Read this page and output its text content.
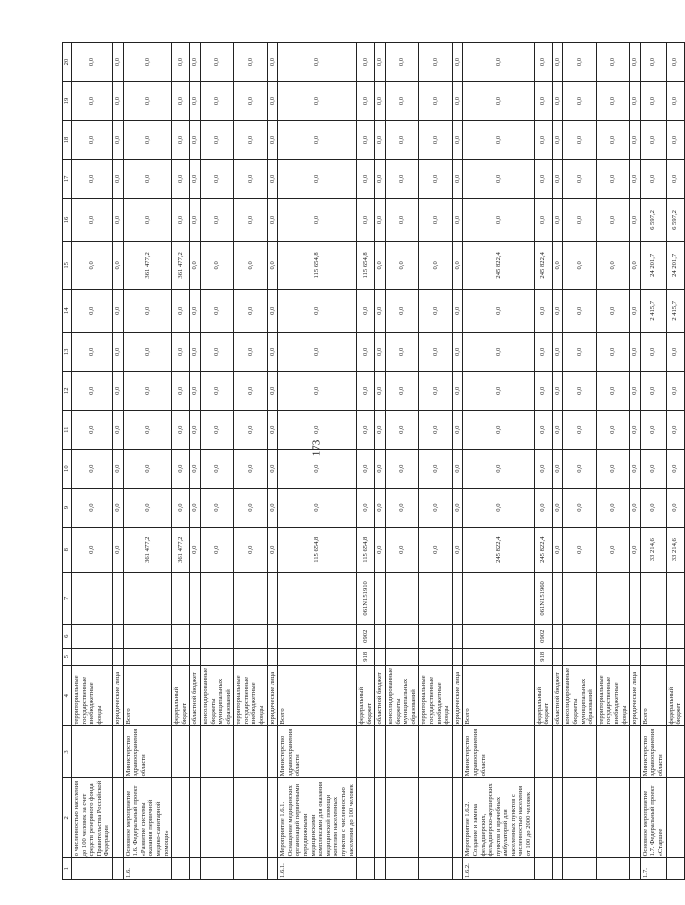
173
1	2	3	4	5	6	7	8	9	10	11	12	13	14	15	16	17	18	19	20
	о численностью населения до 100 человек за счет средств резервного фонда Правительства Российской Федерации		территориальные государственные внебюджетные фонды				0,0	0,0	0,0	0,0	0,0	0,0	0,0	0,0	0,0	0,0	0,0	0,0	0,0
			юридические лица				0,0	0,0	0,0	0,0	0,0	0,0	0,0	0,0	0,0	0,0	0,0	0,0	0,0
1.6.	Основное мероприятие 1.6. Федеральный проект «Развитие системы оказания первичной медико-санитарной помощи»	Министерство здравоохранения области	Всего				361 477,2	0,0	0,0	0,0	0,0	0,0	0,0	361 477,2	0,0	0,0	0,0	0,0	0,0
			федеральный бюджет				361 477,2	0,0	0,0	0,0	0,0	0,0	0,0	361 477,2	0,0	0,0	0,0	0,0	0,0
			областной бюджет				0,0	0,0	0,0	0,0	0,0	0,0	0,0	0,0	0,0	0,0	0,0	0,0	0,0
			консолидированные бюджеты муниципальных образований				0,0	0,0	0,0	0,0	0,0	0,0	0,0	0,0	0,0	0,0	0,0	0,0	0,0
			территориальные государственные внебюджетные фонды				0,0	0,0	0,0	0,0	0,0	0,0	0,0	0,0	0,0	0,0	0,0	0,0	0,0
			юридические лица				0,0	0,0	0,0	0,0	0,0	0,0	0,0	0,0	0,0	0,0	0,0	0,0	0,0
1.6.1.	Мероприятие 1.6.1. Оснащение медицинских организаций первичными передвижными медицинскими комплексами для оказания медицинской помощи жителям населенных пунктов с численностью населения до 100 человек	Министерство здравоохранения области	Всего				115 654,8	0,0	0,0	0,0	0,0	0,0	0,0	115 654,8	0,0	0,0	0,0	0,0	0,0
			федеральный бюджет	918	0902	061N151910	115 654,8	0,0	0,0	0,0	0,0	0,0	0,0	115 654,8	0,0	0,0	0,0	0,0	0,0
			областной бюджет				0,0	0,0	0,0	0,0	0,0	0,0	0,0	0,0	0,0	0,0	0,0	0,0	0,0
			консолидированные бюджеты муниципальных образований				0,0	0,0	0,0	0,0	0,0	0,0	0,0	0,0	0,0	0,0	0,0	0,0	0,0
			территориальные государственные внебюджетные фонды				0,0	0,0	0,0	0,0	0,0	0,0	0,0	0,0	0,0	0,0	0,0	0,0	0,0
			юридические лица				0,0	0,0	0,0	0,0	0,0	0,0	0,0	0,0	0,0	0,0	0,0	0,0	0,0
1.6.2.	Мероприятие 1.6.2. Создание и замена фельдшерских, фельдшерско-акушерских пунктов и врачебных амбулаторий для населенных пунктов с численностью населения от 100 до 2000 человек	Министерство здравоохранения области	Всего				245 822,4	0,0	0,0	0,0	0,0	0,0	0,0	245 822,4	0,0	0,0	0,0	0,0	0,0
			федеральный бюджет	918	0902	061N151960	245 822,4	0,0	0,0	0,0	0,0	0,0	0,0	245 822,4	0,0	0,0	0,0	0,0	0,0
			областной бюджет				0,0	0,0	0,0	0,0	0,0	0,0	0,0	0,0	0,0	0,0	0,0	0,0	0,0
			консолидированные бюджеты муниципальных образований				0,0	0,0	0,0	0,0	0,0	0,0	0,0	0,0	0,0	0,0	0,0	0,0	0,0
			территориальные государственные внебюджетные фонды				0,0	0,0	0,0	0,0	0,0	0,0	0,0	0,0	0,0	0,0	0,0	0,0	0,0
			юридические лица				0,0	0,0	0,0	0,0	0,0	0,0	0,0	0,0	0,0	0,0	0,0	0,0	0,0
1.7.	Основное мероприятие 1.7. Федеральный проект «Старшее	Министерство здравоохранения области	Всего				33 214,6	0,0	0,0	0,0	0,0	0,0	2 415,7	24 201,7	6 597,2	0,0	0,0	0,0	0,0
			федеральный бюджет				33 214,6	0,0	0,0	0,0	0,0	0,0	2 415,7	24 201,7	6 597,2	0,0	0,0	0,0	0,0
